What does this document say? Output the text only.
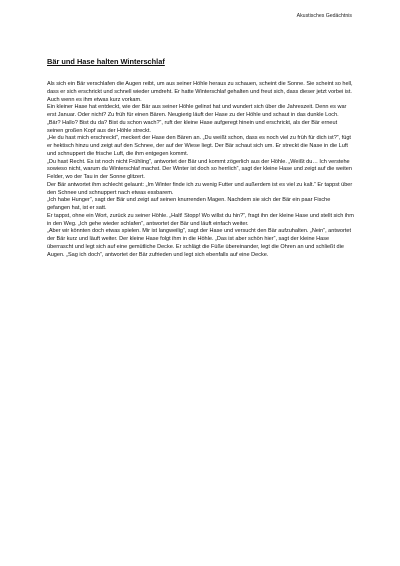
Akustisches Gedächtnis
Bär und Hase halten Winterschlaf

Als sich ein Bär verschlafen die Augen reibt, um aus seiner Höhle heraus zu schauen, scheint die Sonne. Sie scheint so hell, dass er sich erschrickt und schnell wieder umdreht. Er hatte Winterschlaf gehalten und freut sich, dass dieser jetzt vorbei ist. Auch wenn es ihm etwas kurz vorkam.

Ein kleiner Hase hat entdeckt, wie der Bär aus seiner Höhle gelinst hat und wundert sich über die Jahreszeit. Denn es war erst Januar. Oder nicht? Zu früh für einen Bären. Neugierig läuft der Hase zu der Höhle und schaut in das dunkle Loch.

„Bär? Hallo? Bist du da? Bist du schon wach?“, ruft der kleine Hase aufgeregt hinein und erschrickt, als der Bär erneut seinen großen Kopf aus der Höhle streckt.

„He du hast mich erschreckt“, meckert der Hase den Bären an. „Du weißt schon, dass es noch viel zu früh für dich ist?“, fügt er hektisch hinzu und zeigt auf den Schnee, der auf der Wiese liegt. Der Bär schaut sich um. Er streckt die Nase in die Luft und schnuppert die frische Luft, die ihm entgegen kommt.

„Du hast Recht. Es ist noch nicht Frühling“, antwortet der Bär und kommt zögerlich aus der Höhle. „Weißt du… Ich verstehe sowieso nicht, warum du Winterschlaf machst. Der Winter ist doch so herrlich“, sagt der kleine Hase und zeigt auf die weiten Felder, wo der Tau in der Sonne glitzert.

Der Bär antwortet ihm schlecht gelaunt: „Im Winter finde ich zu wenig Futter und außerdem ist es viel zu kalt.“ Er tappst über den Schnee und schnuppert nach etwas essbarem.

„Ich habe Hunger“, sagt der Bär und zeigt auf seinen knurrenden Magen. Nachdem sie sich der Bär ein paar Fische gefangen hat, ist er satt.

Er tappst, ohne ein Wort, zurück zu seiner Höhle. „Halt! Stopp! Wo willst du hin?“, fragt ihn der kleine Hase und stellt sich ihm in den Weg. „Ich gehe wieder schlafen“, antwortet der Bär und läuft einfach weiter.

„Aber wir könnten doch etwas spielen. Mir ist langweilig“, sagt der Hase und versucht den Bär aufzuhalten. „Nein“, antwortet der Bär kurz und läuft weiter. Der kleine Hase folgt ihm in die Höhle. „Das ist aber schön hier“, sagt der kleine Hase überrascht und legt sich auf eine gemütliche Decke. Er schlägt die Füße übereinander, legt die Ohren an und schließt die Augen. „Sag ich doch“, antwortet der Bär zufrieden und legt sich ebenfalls auf eine Decke.
